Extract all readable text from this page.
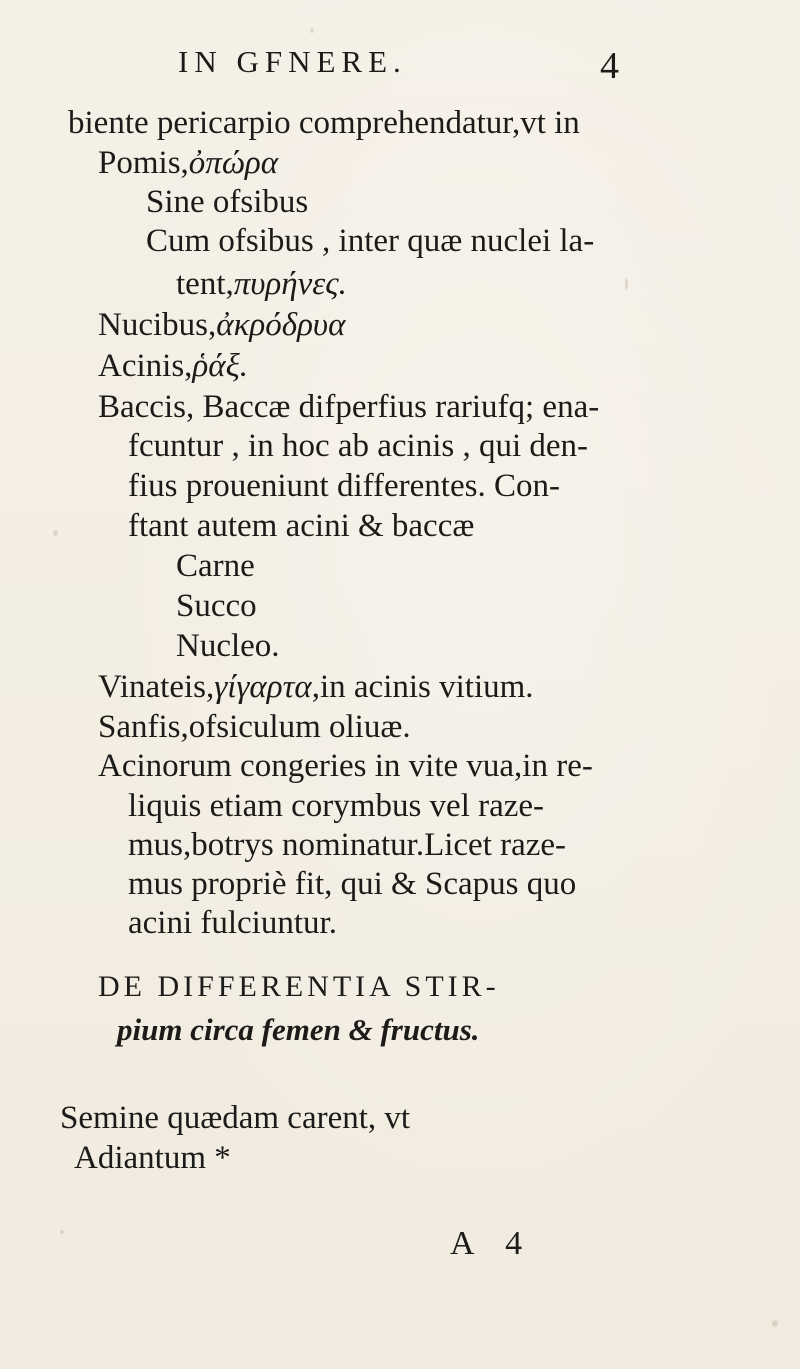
IN GFNERE.	4
biente pericarpio comprehendatur,vt in
Pomis,ὀπώρα
Sine ofsibus
Cum ofsibus , inter quæ nuclei la-
tent,πυρήνες.
Nucibus,ἀκρόδρυα
Acinis,ῥάξ.
Baccis, Baccæ difperfius rariufq; ena-
fcuntur , in hoc ab acinis , qui den-
fius proueniunt differentes. Con-
ftant autem acini & baccæ
Carne
Succo
Nucleo.
Vinateis,γίγαρτα,in acinis vitium.
Sanfis,ofsiculum oliuæ.
Acinorum congeries in vite vua,in re-
liquis etiam corymbus vel raze-
mus,botrys nominatur.Licet raze-
mus propriè fit, qui & Scapus quo
acini fulciuntur.
DE DIFFERENTIA STIR-
pium circa femen & fructus.
Semine quædam carent, vt
Adiantum *
A 4
